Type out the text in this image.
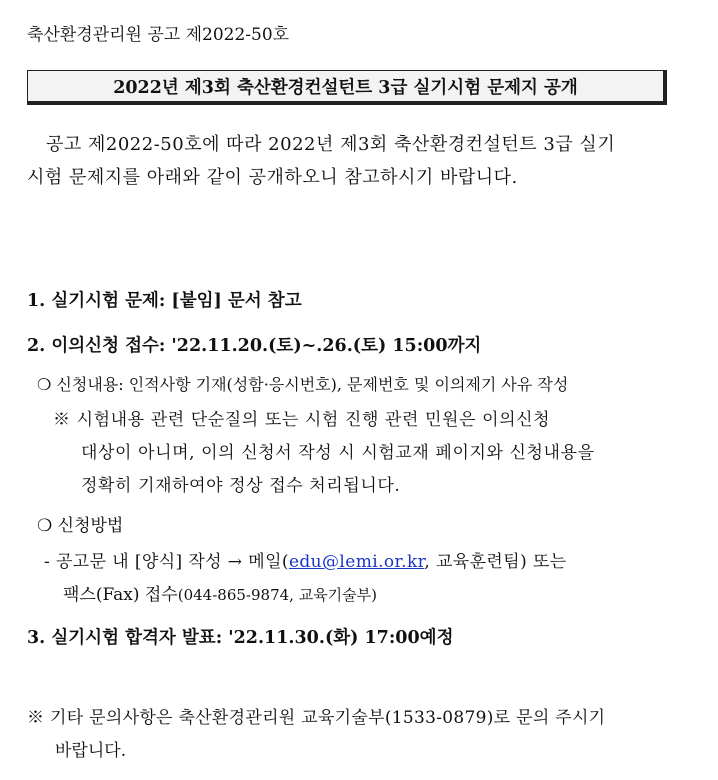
축산환경관리원 공고 제2022-50호
2022년 제3회 축산환경컨설턴트 3급 실기시험 문제지 공개
공고 제2022-50호에 따라 2022년 제3회 축산환경컨설턴트 3급 실기
시험 문제지를 아래와 같이 공개하오니 참고하시기 바랍니다.
1. 실기시험 문제: [붙임] 문서 참고
2. 이의신청 접수: '22.11.20.(토)~.26.(토) 15:00까지
❍ 신청내용: 인적사항 기재(성함·응시번호), 문제번호 및 이의제기 사유 작성
※ 시험내용 관련 단순질의 또는 시험 진행 관련 민원은 이의신청
대상이 아니며, 이의 신청서 작성 시 시험교재 페이지와 신청내용을
정확히 기재하여야 정상 접수 처리됩니다.
❍ 신청방법
- 공고문 내 [양식] 작성 → 메일(edu@lemi.or.kr, 교육훈련팀) 또는
팩스(Fax) 접수(044-865-9874, 교육기술부)
3. 실기시험 합격자 발표: '22.11.30.(화) 17:00예정
※ 기타 문의사항은 축산환경관리원 교육기술부(1533-0879)로 문의 주시기
바랍니다.
